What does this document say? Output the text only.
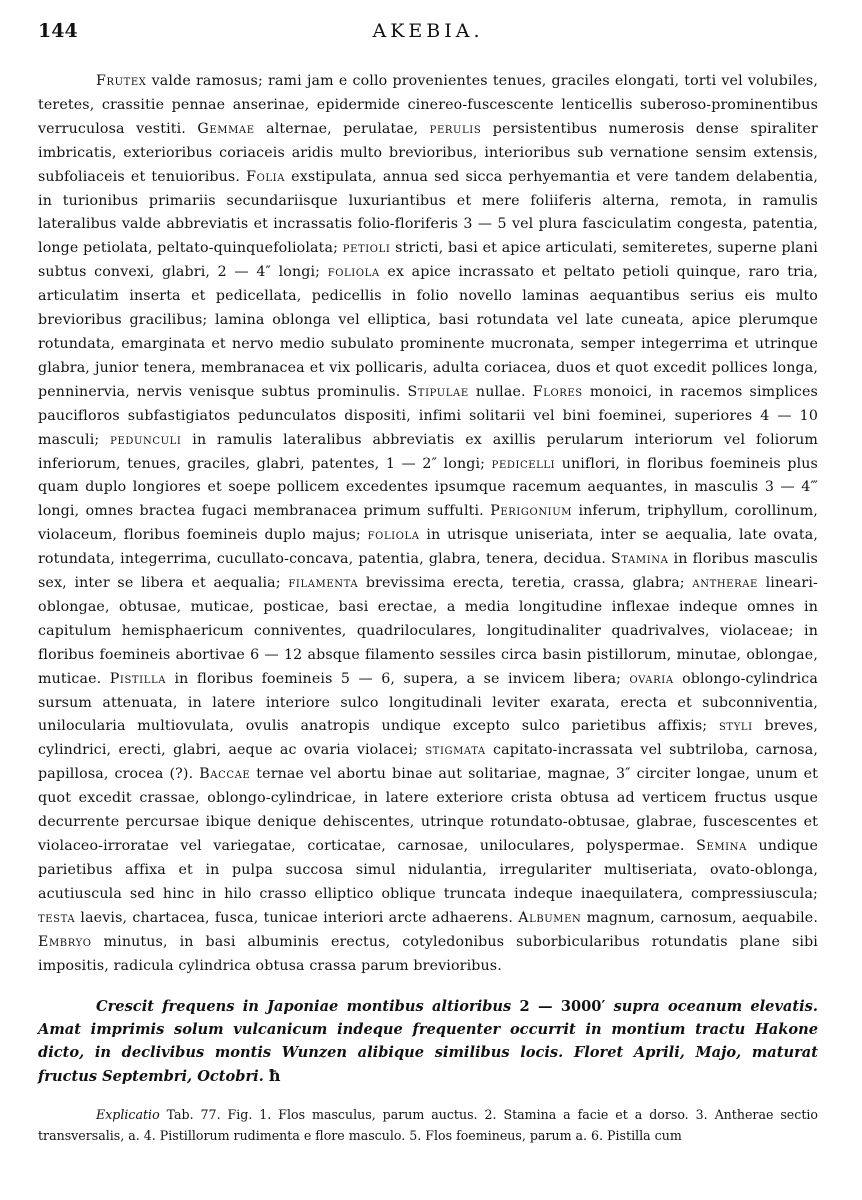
144	AKEBIA.

Frutex valde ramosus; rami jam e collo provenientes tenues, graciles elongati, torti vel volubiles, teretes, crassitie pennae anserinae, epidermide cinereo-fuscescente lenticellis suberoso-prominentibus verruculosa vestiti. Gemmae alternae, perulatae, perulis persistentibus numerosis dense spiraliter imbricatis, exterioribus coriaceis aridis multo brevioribus, interioribus sub vernatione sensim extensis, subfoliaceis et tenuioribus. Folia exstipulata, annua sed sicca perhyemantia et vere tandem delabentia, in turionibus primariis secundariisque luxuriantibus et mere foliiferis alterna, remota, in ramulis lateralibus valde abbreviatis et incrassatis folio-floriferis 3 — 5 vel plura fasciculatim congesta, patentia, longe petiolata, peltato-quinquefoliolata; petioli stricti, basi et apice articulati, semiteretes, superne plani subtus convexi, glabri, 2 — 4″ longi; foliola ex apice incrassato et peltato petioli quinque, raro tria, articulatim inserta et pedicellata, pedicellis in folio novello laminas aequantibus serius eis multo brevioribus gracilibus; lamina oblonga vel elliptica, basi rotundata vel late cuneata, apice plerumque rotundata, emarginata et nervo medio subulato prominente mucronata, semper integerrima et utrinque glabra, junior tenera, membranacea et vix pollicaris, adulta coriacea, duos et quot excedit pollices longa, penninervia, nervis venisque subtus prominulis. Stipulae nullae. Flores monoici, in racemos simplices paucifloros subfastigiatos pedunculatos dispositi, infimi solitarii vel bini foeminei, superiores 4 — 10 masculi; pedunculi in ramulis lateralibus abbreviatis ex axillis perularum interiorum vel foliorum inferiorum, tenues, graciles, glabri, patentes, 1 — 2″ longi; pedicelli uniflori, in floribus foemineis plus quam duplo longiores et soepe pollicem excedentes ipsumque racemum aequantes, in masculis 3 — 4‴ longi, omnes bractea fugaci membranacea primum suffulti. Perigonium inferum, triphyllum, corollinum, violaceum, floribus foemineis duplo majus; foliola in utrisque uniseriata, inter se aequalia, late ovata, rotundata, integerrima, cucullato-concava, patentia, glabra, tenera, decidua. Stamina in floribus masculis sex, inter se libera et aequalia; filamenta brevissima erecta, teretia, crassa, glabra; antherae lineari-oblongae, obtusae, muticae, posticae, basi erectae, a media longitudine inflexae indeque omnes in capitulum hemisphaericum conniventes, quadriloculares, longitudinaliter quadrivalves, violaceae; in floribus foemineis abortivae 6 — 12 absque filamento sessiles circa basin pistillorum, minutae, oblongae, muticae. Pistilla in floribus foemineis 5 — 6, supera, a se invicem libera; ovaria oblongo-cylindrica sursum attenuata, in latere interiore sulco longitudinali leviter exarata, erecta et subconniventia, unilocularia multiovulata, ovulis anatropis undique excepto sulco parietibus affixis; styli breves, cylindrici, erecti, glabri, aeque ac ovaria violacei; stigmata capitato-incrassata vel subtriloba, carnosa, papillosa, crocea (?). Baccae ternae vel abortu binae aut solitariae, magnae, 3″ circiter longae, unum et quot excedit crassae, oblongo-cylindricae, in latere exteriore crista obtusa ad verticem fructus usque decurrente percursae ibique denique dehiscentes, utrinque rotundato-obtusae, glabrae, fuscescentes et violaceo-irroratae vel variegatae, corticatae, carnosae, uniloculares, polyspermae. Semina undique parietibus affixa et in pulpa succosa simul nidulantia, irregulariter multiseriata, ovato-oblonga, acutiuscula sed hinc in hilo crasso elliptico oblique truncata indeque inaequilatera, compressiuscula; testa laevis, chartacea, fusca, tunicae interiori arcte adhaerens. Albumen magnum, carnosum, aequabile. Embryo minutus, in basi albuminis erectus, cotyledonibus suborbicularibus rotundatis plane sibi impositis, radicula cylindrica obtusa crassa parum brevioribus.

Crescit frequens in Japoniae montibus altioribus 2 — 3000′ supra oceanum elevatis. Amat imprimis solum vulcanicum indeque frequenter occurrit in montium tractu Hakone dicto, in declivibus montis Wunzen alibique similibus locis. Floret Aprili, Majo, maturat fructus Septembri, Octobri. ħ

Explicatio Tab. 77. Fig. 1. Flos masculus, parum auctus. 2. Stamina a facie et a dorso. 3. Antherae sectio transversalis, a. 4. Pistillorum rudimenta e flore masculo. 5. Flos foemineus, parum a. 6. Pistilla cum
